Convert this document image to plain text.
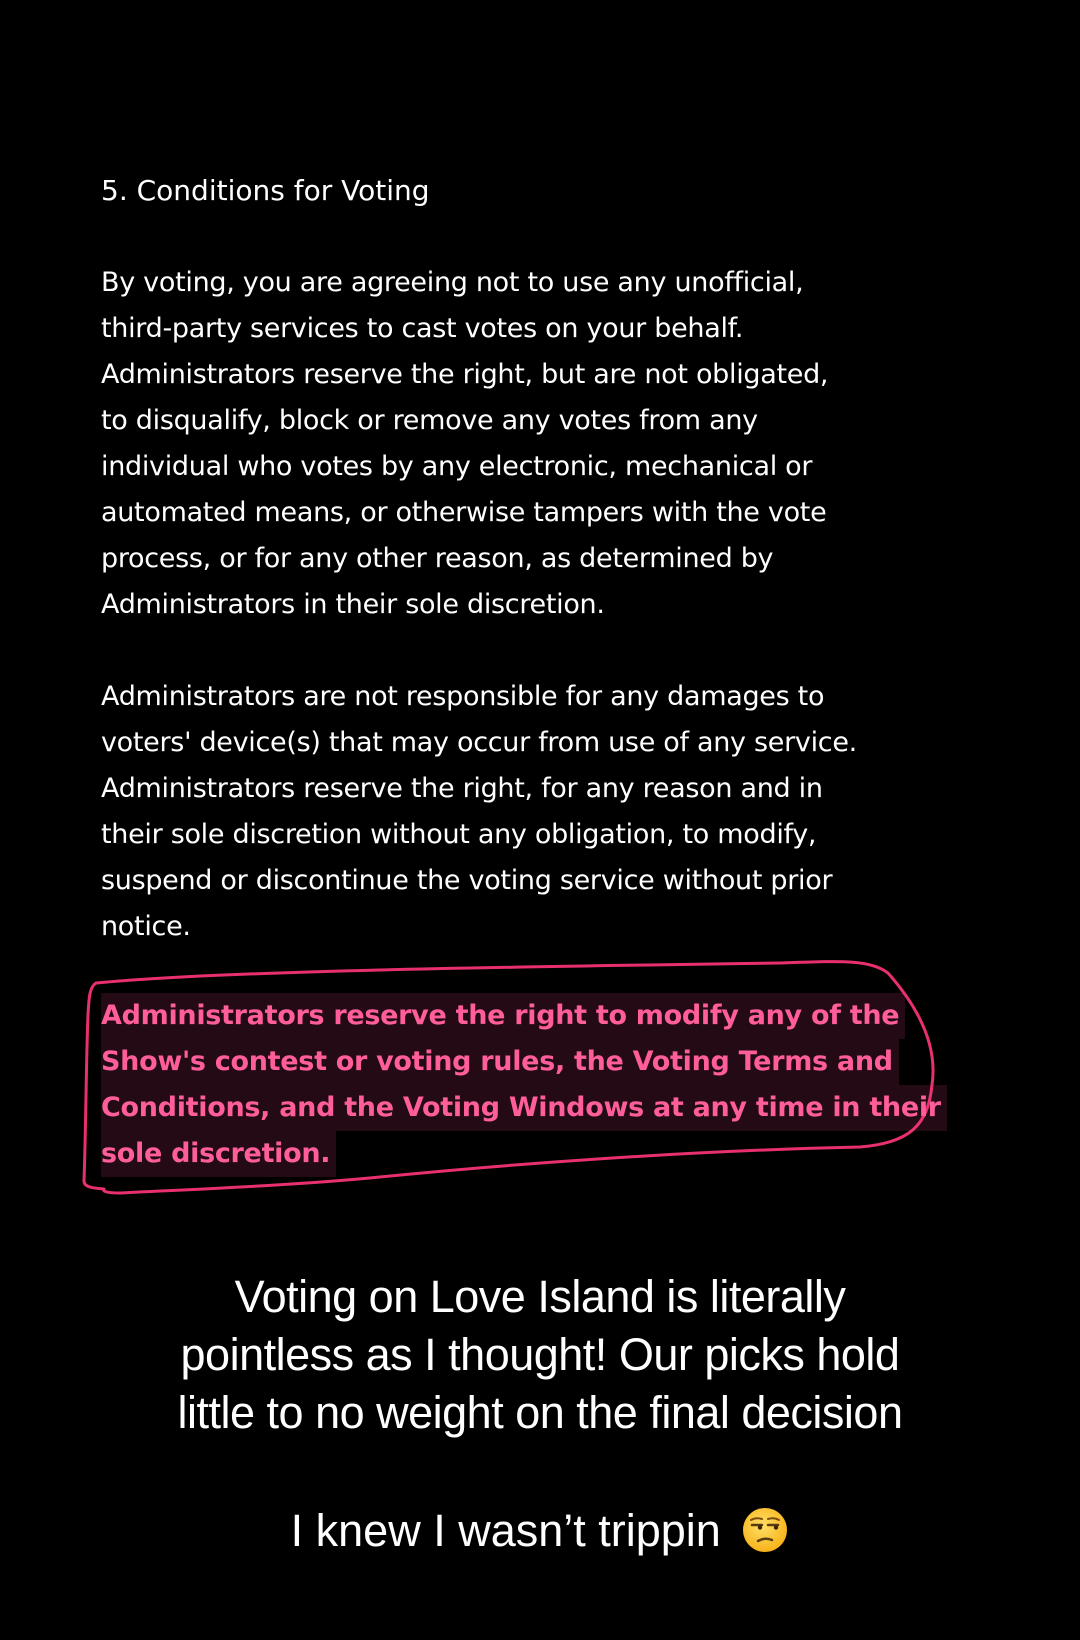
5. Conditions for Voting

By voting, you are agreeing not to use any unofficial,
third-party services to cast votes on your behalf.
Administrators reserve the right, but are not obligated,
to disqualify, block or remove any votes from any
individual who votes by any electronic, mechanical or
automated means, or otherwise tampers with the vote
process, or for any other reason, as determined by
Administrators in their sole discretion.

Administrators are not responsible for any damages to
voters' device(s) that may occur from use of any service.
Administrators reserve the right, for any reason and in
their sole discretion without any obligation, to modify,
suspend or discontinue the voting service without prior
notice.

Administrators reserve the right to modify any of the
Show's contest or voting rules, the Voting Terms and
Conditions, and the Voting Windows at any time in their
sole discretion.

Voting on Love Island is literally
pointless as I thought! Our picks hold
little to no weight on the final decision
I knew I wasn’t trippin
